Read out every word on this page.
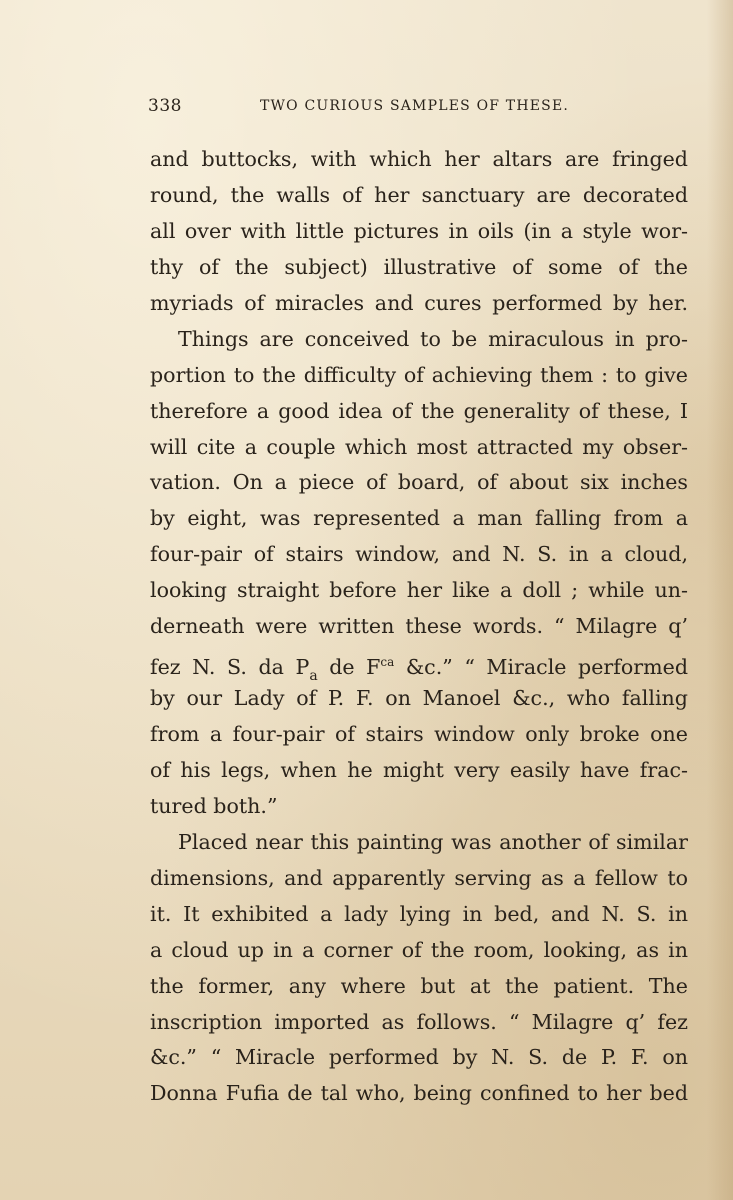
338	TWO CURIOUS SAMPLES OF THESE.
and buttocks, with which her altars are fringed
round, the walls of her sanctuary are decorated
all over with little pictures in oils (in a style wor-
thy of the subject) illustrative of some of the
myriads of miracles and cures performed by her.
Things are conceived to be miraculous in pro-
portion to the difficulty of achieving them : to give
therefore a good idea of the generality of these, I
will cite a couple which most attracted my obser-
vation. On a piece of board, of about six inches
by eight, was represented a man falling from a
four-pair of stairs window, and N. S. in a cloud,
looking straight before her like a doll ; while un-
derneath were written these words. “ Milagre q’
fez N. S. da $P_a$ de $F^{ca}$ &c.” “ Miracle performed
by our Lady of P. F. on Manoel &c., who falling
from a four-pair of stairs window only broke one
of his legs, when he might very easily have frac-
tured both.”
Placed near this painting was another of similar
dimensions, and apparently serving as a fellow to
it. It exhibited a lady lying in bed, and N. S. in
a cloud up in a corner of the room, looking, as in
the former, any where but at the patient. The
inscription imported as follows. “ Milagre q’ fez
&c.” “ Miracle performed by N. S. de P. F. on
Donna Fufia de tal who, being confined to her bed
